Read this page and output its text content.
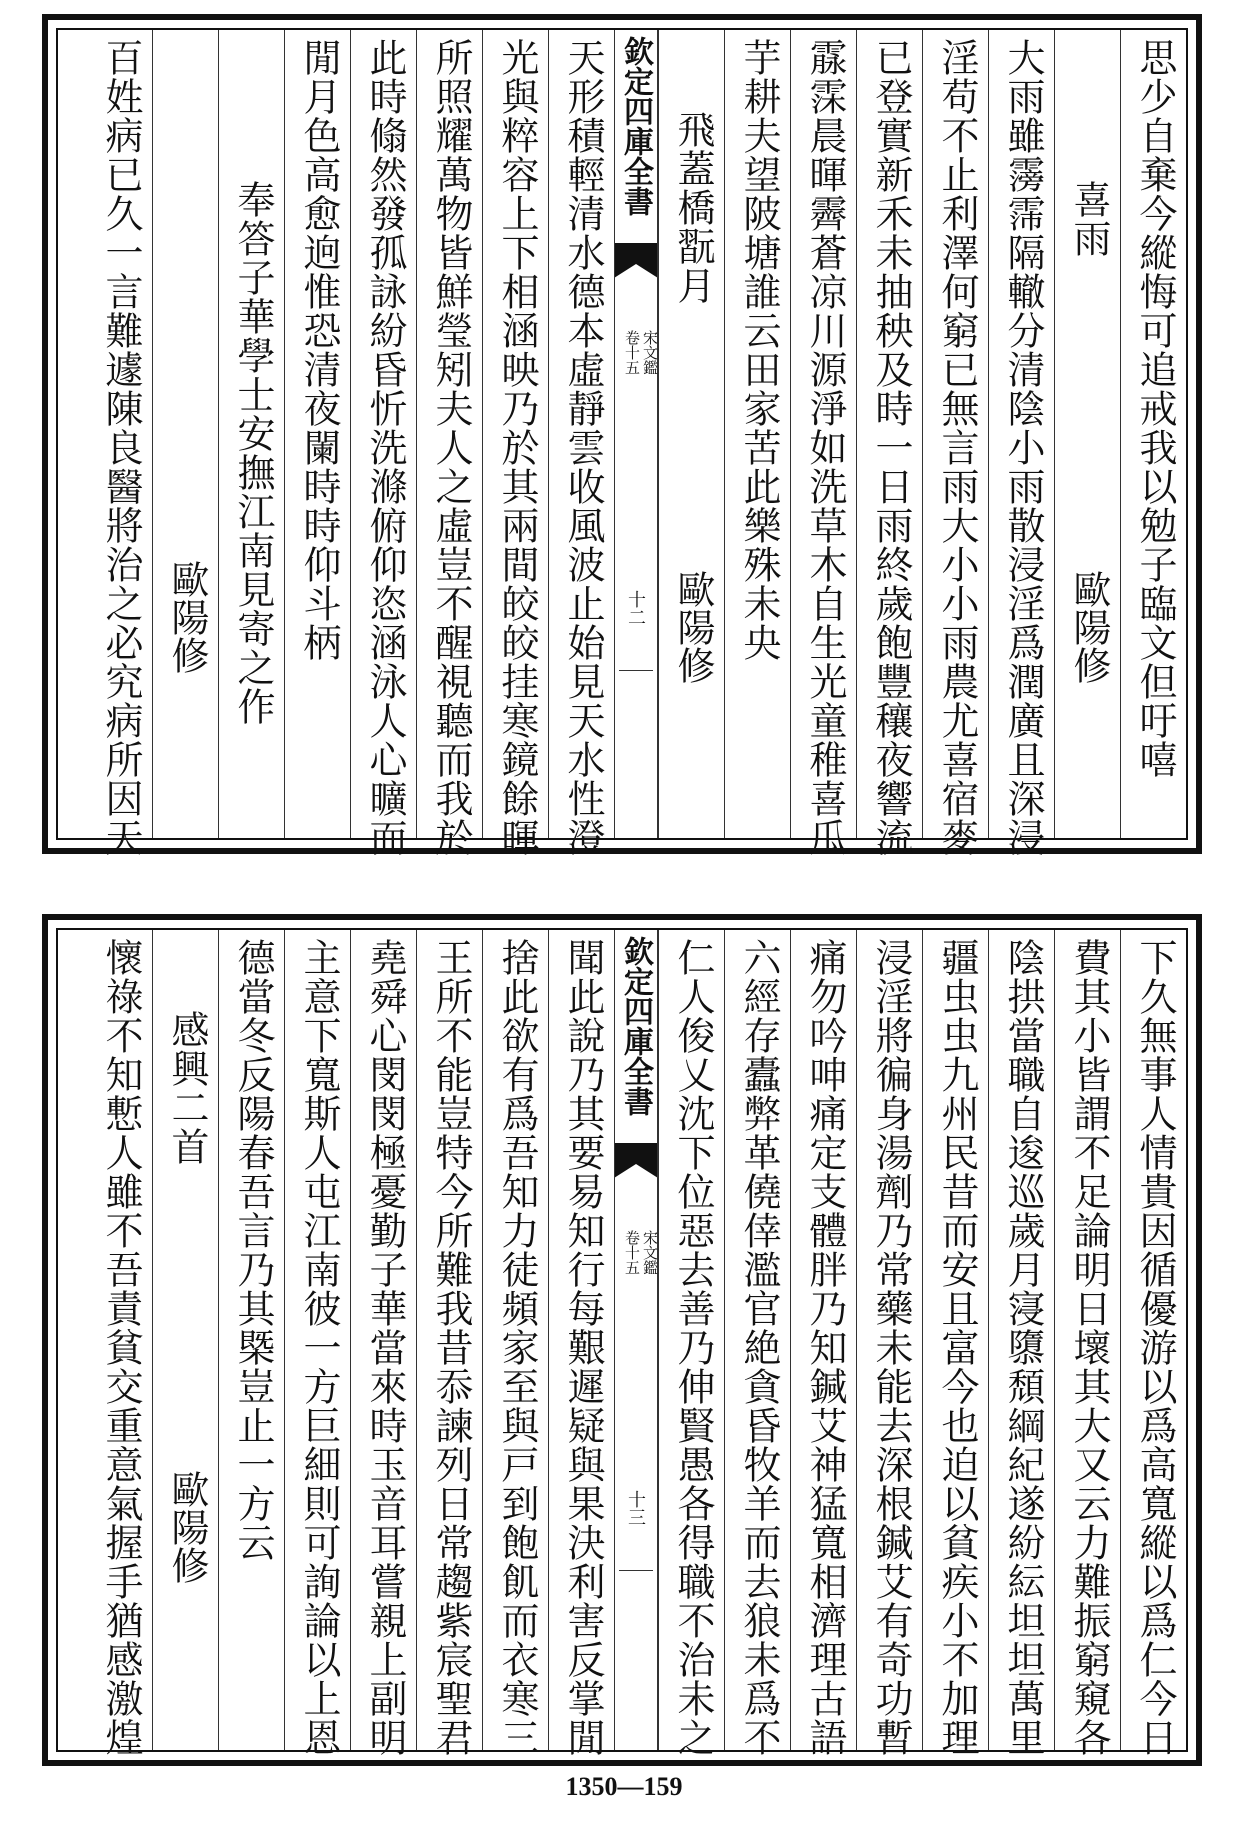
思少自棄今縱悔可追戒我以勉子臨文但吁嘻
喜雨
歐陽修
大雨雖霶霈隔轍分清陰小雨散浸淫爲潤廣且深浸
淫苟不止利澤何窮已無言雨大小小雨農尤喜宿麥
已登實新禾未抽秧及時一日雨終歲飽豐穰夜響流
霡霂晨暉霽蒼凉川源淨如洗草木自生光童稚喜瓜
芋耕夫望陂塘誰云田家苦此樂殊未央
飛蓋橋翫月
歐陽修
欽定四庫全書
宋文鑑
卷十五
十二
天形積輕清水德本虛靜雲收風波止始見天水性澄
光與粹容上下相涵映乃於其兩間皎皎挂寒鏡餘暉
所照耀萬物皆鮮瑩矧夫人之虛豈不醒視聽而我於
此時翛然發孤詠紛昏忻洗滌俯仰恣涵泳人心曠而
閒月色高愈逈惟恐清夜闌時時仰斗柄
奉答子華學士安撫江南見寄之作
歐陽修
百姓病已久一言難遽陳良醫將治之必究病所因天
下久無事人情貴因循優游以爲高寬縱以爲仁今日
費其小皆謂不足論明日壞其大又云力難振窮窺各
陰拱當職自逡巡歲月寖隳頹綱紀遂紛紜坦坦萬里
疆虫虫九州民昔而安且富今也迫以貧疾小不加理
浸淫將徧身湯劑乃常藥未能去深根鍼艾有奇功暫
痛勿吟呻痛定支體胖乃知鍼艾神猛寬相濟理古語
六經存蠹弊革僥倖濫官絶貪昏牧羊而去狼未爲不
仁人俊乂沈下位惡去善乃伸賢愚各得職不治未之
欽定四庫全書
宋文鑑
卷十五
十三
聞此說乃其要易知行每艱遲疑與果決利害反掌閒
捨此欲有爲吾知力徒頻家至與戸到飽飢而衣寒三
王所不能豈特今所難我昔忝諫列日常趨紫宸聖君
堯舜心閔閔極憂勤子華當來時玉音耳嘗親上副明
主意下寬斯人屯江南彼一方巨細則可詢論以上恩
德當冬反陽春吾言乃其槩豈止一方云
感興二首
歐陽修
懷祿不知慙人雖不吾責貧交重意氣握手猶感激煌
1350—159
